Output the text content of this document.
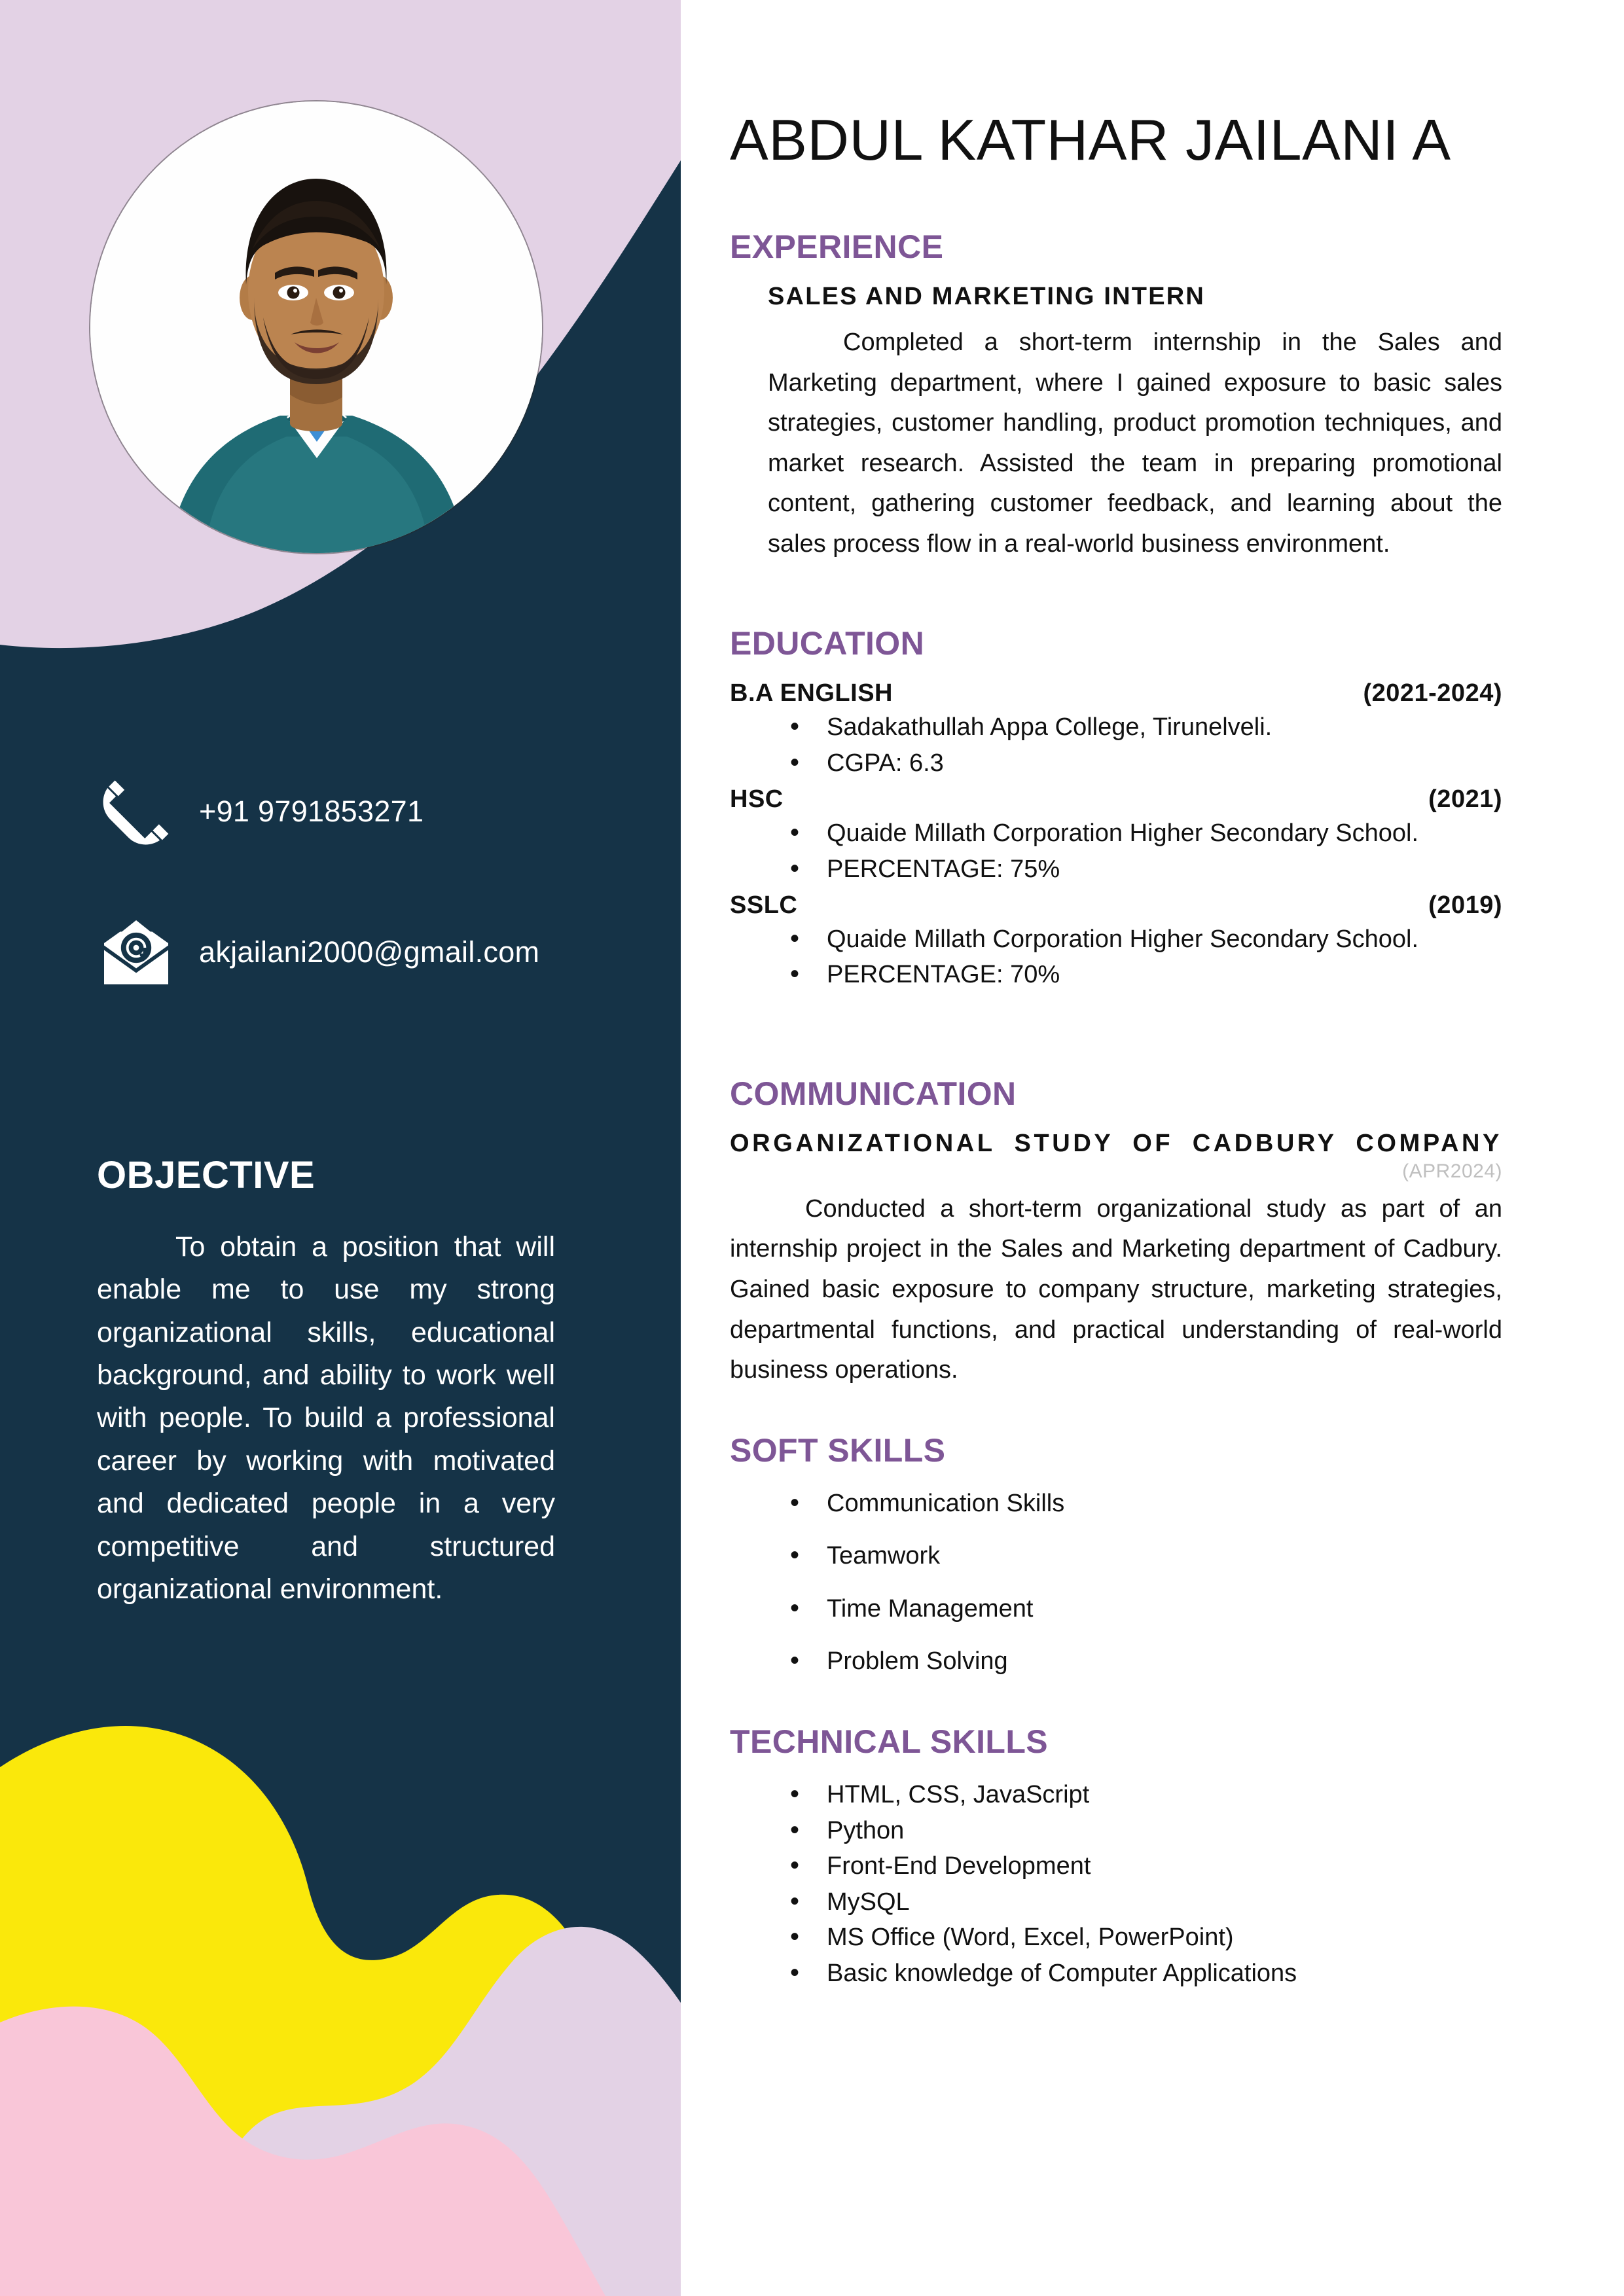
+91 9791853271
akjailani2000@gmail.com
OBJECTIVE

To obtain a position that will enable me to use my strong organizational skills, educational background, and ability to work well with people. To build a professional career by working with motivated and dedicated people in a very competitive and structured organizational environment.

ABDUL KATHAR JAILANI A
EXPERIENCE
SALES AND MARKETING INTERN

Completed a short-term internship in the Sales and Marketing department, where I gained exposure to basic sales strategies, customer handling, product promotion techniques, and market research. Assisted the team in preparing promotional content, gathering customer feedback, and learning about the sales process flow in a real-world business environment.

EDUCATION
B.A ENGLISH	(2021-2024)
• Sadakathullah Appa College, Tirunelveli.
• CGPA: 6.3
HSC	(2021)
• Quaide Millath Corporation Higher Secondary School.
• PERCENTAGE: 75%
SSLC	(2019)
• Quaide Millath Corporation Higher Secondary School.
• PERCENTAGE: 70%
COMMUNICATION
ORGANIZATIONAL STUDY OF CADBURY COMPANY
(APR2024)

Conducted a short-term organizational study as part of an internship project in the Sales and Marketing department of Cadbury. Gained basic exposure to company structure, marketing strategies, departmental functions, and practical understanding of real-world business operations.

SOFT SKILLS
• Communication Skills
• Teamwork
• Time Management
• Problem Solving
TECHNICAL SKILLS
• HTML, CSS, JavaScript
• Python
• Front-End Development
• MySQL
• MS Office (Word, Excel, PowerPoint)
• Basic knowledge of Computer Applications
